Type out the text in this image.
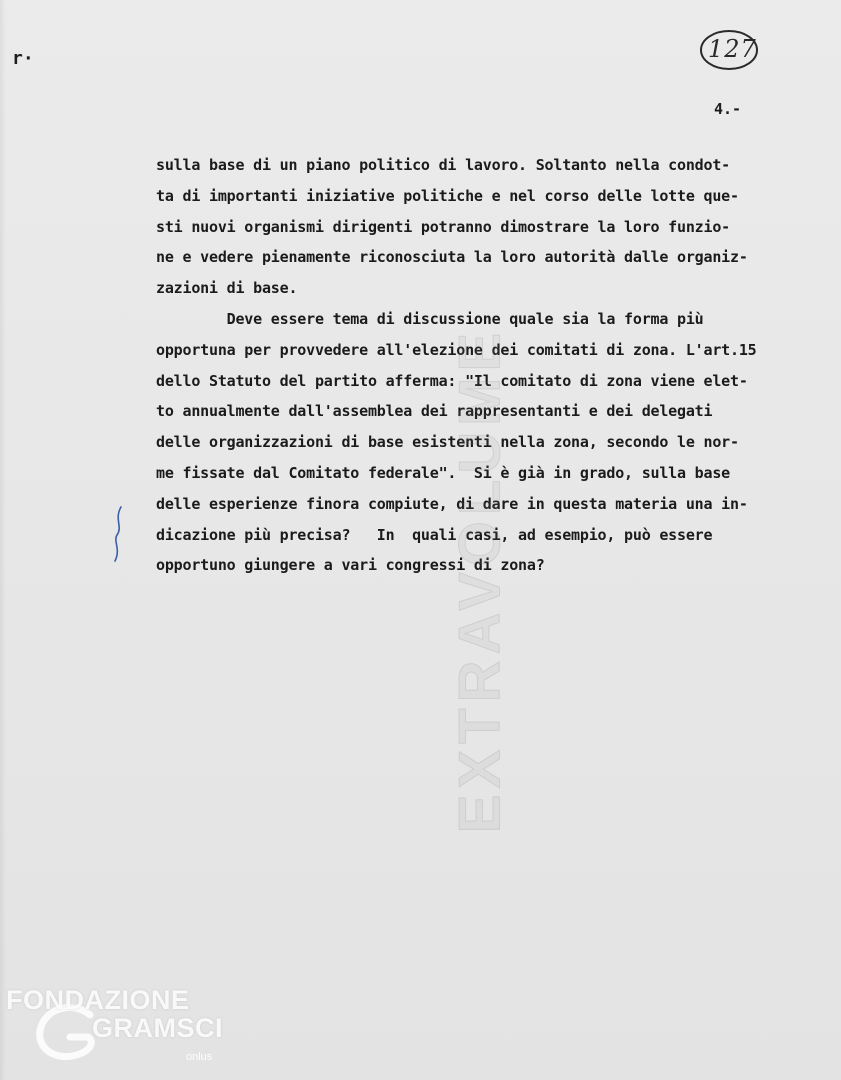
r·	127
4.-
sulla base di un piano politico di lavoro. Soltanto nella condot-
ta di importanti iniziative politiche e nel corso delle lotte que-
sti nuovi organismi dirigenti potranno dimostrare la loro funzio-
ne e vedere pienamente riconosciuta la loro autorità dalle organiz-
zazioni di base.
Deve essere tema di discussione quale sia la forma più
opportuna per provvedere all'elezione dei comitati di zona. L'art.15
dello Statuto del partito afferma: "Il comitato di zona viene elet-
to annualmente dall'assemblea dei rappresentanti e dei delegati
delle organizzazioni di base esistenti nella zona, secondo le nor-
me fissate dal Comitato federale".  Si è già in grado, sulla base
delle esperienze finora compiute, di dare in questa materia una in-
dicazione più precisa?   In  quali casi, ad esempio, può essere
opportuno giungere a vari congressi di zona?
EXTRAVOLUME
FONDAZIONE
GRAMSCI
onlus
